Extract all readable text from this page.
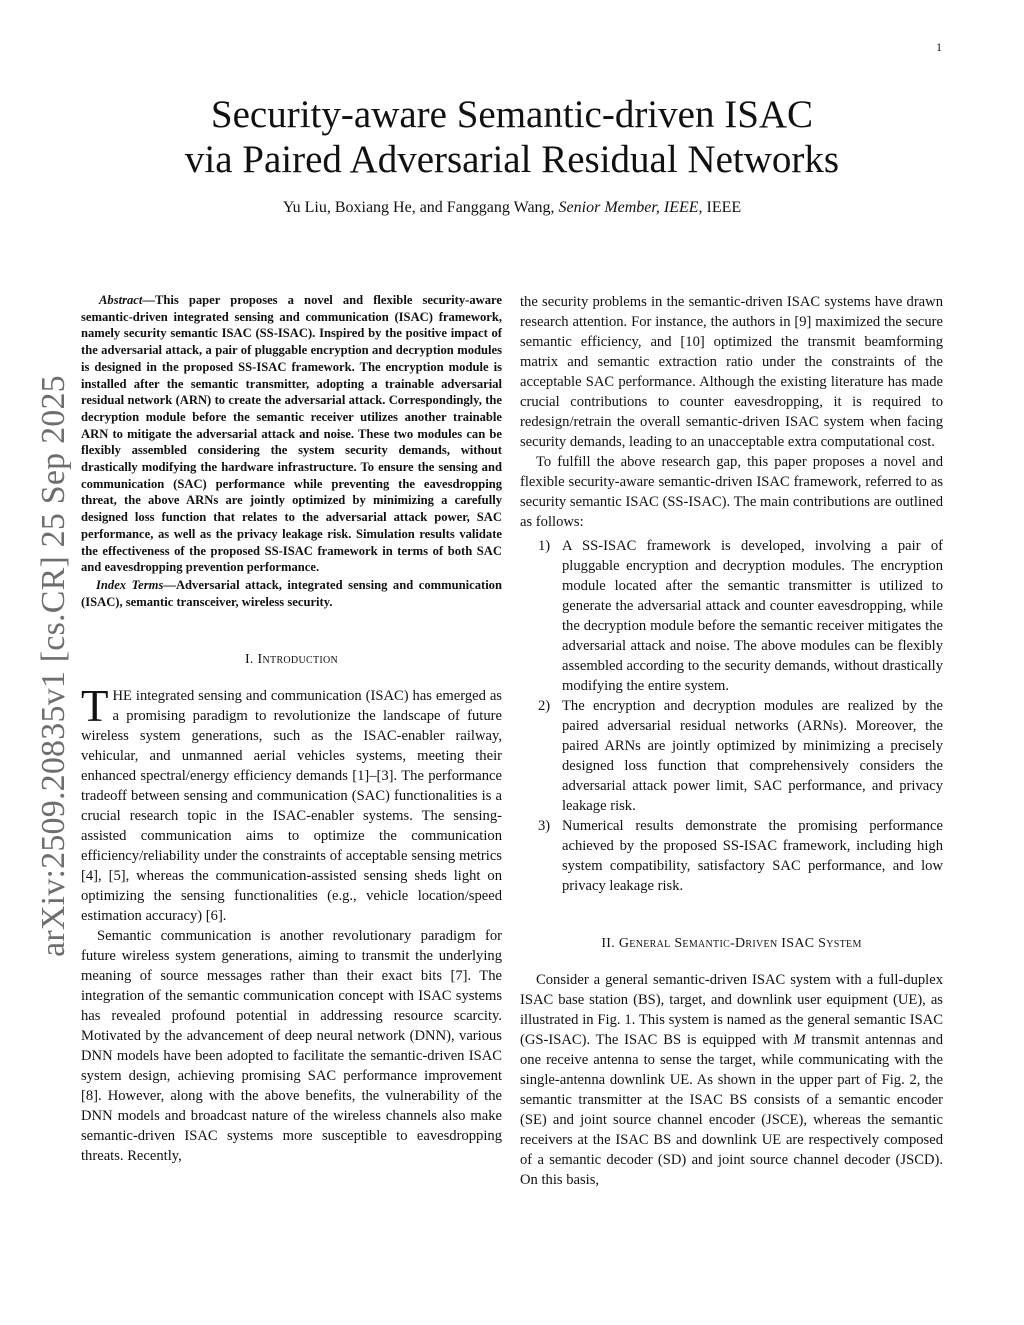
1
arXiv:2509.20835v1 [cs.CR] 25 Sep 2025
Security-aware Semantic-driven ISAC
via Paired Adversarial Residual Networks
Yu Liu, Boxiang He, and Fanggang Wang, Senior Member, IEEE, IEEE

Abstract—This paper proposes a novel and flexible security-aware semantic-driven integrated sensing and communication (ISAC) framework, namely security semantic ISAC (SS-ISAC). Inspired by the positive impact of the adversarial attack, a pair of pluggable encryption and decryption modules is designed in the proposed SS-ISAC framework. The encryption module is installed after the semantic transmitter, adopting a trainable adversarial residual network (ARN) to create the adversarial attack. Correspondingly, the decryption module before the semantic receiver utilizes another trainable ARN to mitigate the adversarial attack and noise. These two modules can be flexibly assembled considering the system security demands, without drastically modifying the hardware infrastructure. To ensure the sensing and communication (SAC) performance while preventing the eavesdropping threat, the above ARNs are jointly optimized by minimizing a carefully designed loss function that relates to the adversarial attack power, SAC performance, as well as the privacy leakage risk. Simulation results validate the effectiveness of the proposed SS-ISAC framework in terms of both SAC and eavesdropping prevention performance.

Index Terms—Adversarial attack, integrated sensing and communication (ISAC), semantic transceiver, wireless security.

I. Introduction

THE integrated sensing and communication (ISAC) has emerged as a promising paradigm to revolutionize the landscape of future wireless system generations, such as the ISAC-enabler railway, vehicular, and unmanned aerial vehicles systems, meeting their enhanced spectral/energy efficiency demands [1]–[3]. The performance tradeoff between sensing and communication (SAC) functionalities is a crucial research topic in the ISAC-enabler systems. The sensing-assisted communication aims to optimize the communication efficiency/reliability under the constraints of acceptable sensing metrics [4], [5], whereas the communication-assisted sensing sheds light on optimizing the sensing functionalities (e.g., vehicle location/speed estimation accuracy) [6].

Semantic communication is another revolutionary paradigm for future wireless system generations, aiming to transmit the underlying meaning of source messages rather than their exact bits [7]. The integration of the semantic communication concept with ISAC systems has revealed profound potential in addressing resource scarcity. Motivated by the advancement of deep neural network (DNN), various DNN models have been adopted to facilitate the semantic-driven ISAC system design, achieving promising SAC performance improvement [8]. However, along with the above benefits, the vulnerability of the DNN models and broadcast nature of the wireless channels also make semantic-driven ISAC systems more susceptible to eavesdropping threats. Recently,

the security problems in the semantic-driven ISAC systems have drawn research attention. For instance, the authors in [9] maximized the secure semantic efficiency, and [10] optimized the transmit beamforming matrix and semantic extraction ratio under the constraints of the acceptable SAC performance. Although the existing literature has made crucial contributions to counter eavesdropping, it is required to redesign/retrain the overall semantic-driven ISAC system when facing security demands, leading to an unacceptable extra computational cost.

To fulfill the above research gap, this paper proposes a novel and flexible security-aware semantic-driven ISAC framework, referred to as security semantic ISAC (SS-ISAC). The main contributions are outlined as follows:

1) A SS-ISAC framework is developed, involving a pair of pluggable encryption and decryption modules. The encryption module located after the semantic transmitter is utilized to generate the adversarial attack and counter eavesdropping, while the decryption module before the semantic receiver mitigates the adversarial attack and noise. The above modules can be flexibly assembled according to the security demands, without drastically modifying the entire system.
2) The encryption and decryption modules are realized by the paired adversarial residual networks (ARNs). Moreover, the paired ARNs are jointly optimized by minimizing a precisely designed loss function that comprehensively considers the adversarial attack power limit, SAC performance, and privacy leakage risk.
3) Numerical results demonstrate the promising performance achieved by the proposed SS-ISAC framework, including high system compatibility, satisfactory SAC performance, and low privacy leakage risk.
II. General Semantic-Driven ISAC System

Consider a general semantic-driven ISAC system with a full-duplex ISAC base station (BS), target, and downlink user equipment (UE), as illustrated in Fig. 1. This system is named as the general semantic ISAC (GS-ISAC). The ISAC BS is equipped with M transmit antennas and one receive antenna to sense the target, while communicating with the single-antenna downlink UE. As shown in the upper part of Fig. 2, the semantic transmitter at the ISAC BS consists of a semantic encoder (SE) and joint source channel encoder (JSCE), whereas the semantic receivers at the ISAC BS and downlink UE are respectively composed of a semantic decoder (SD) and joint source channel decoder (JSCD). On this basis,
